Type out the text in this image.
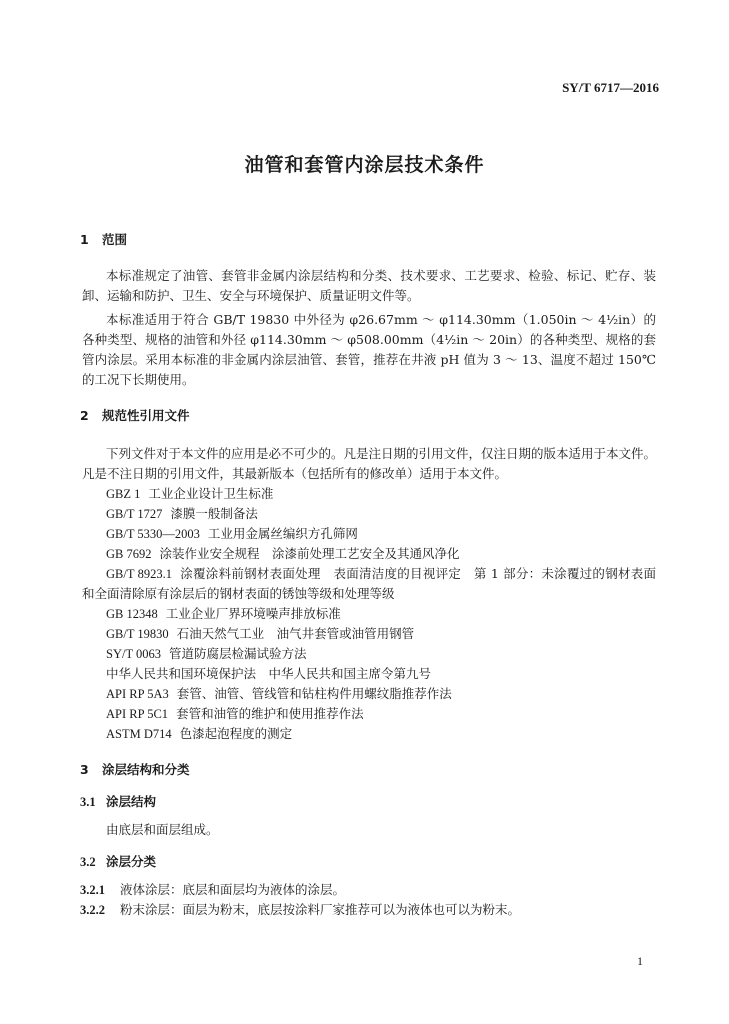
SY/T 6717—2016
油管和套管内涂层技术条件
1 范围
本标准规定了油管、套管非金属内涂层结构和分类、技术要求、工艺要求、检验、标记、贮存、装卸、运输和防护、卫生、安全与环境保护、质量证明文件等。
本标准适用于符合 GB/T 19830 中外径为 φ26.67mm ～ φ114.30mm（1.050in ～ 4½in）的各种类型、规格的油管和外径 φ114.30mm ～ φ508.00mm（4½in ～ 20in）的各种类型、规格的套管内涂层。采用本标准的非金属内涂层油管、套管，推荐在井液 pH 值为 3 ～ 13、温度不超过 150℃的工况下长期使用。
2 规范性引用文件
下列文件对于本文件的应用是必不可少的。凡是注日期的引用文件，仅注日期的版本适用于本文件。凡是不注日期的引用文件，其最新版本（包括所有的修改单）适用于本文件。
GBZ 1 工业企业设计卫生标准
GB/T 1727 漆膜一般制备法
GB/T 5330—2003 工业用金属丝编织方孔筛网
GB 7692 涂装作业安全规程　涂漆前处理工艺安全及其通风净化
GB/T 8923.1 涂覆涂料前钢材表面处理　表面清洁度的目视评定　第 1 部分：未涂覆过的钢材表面和全面清除原有涂层后的钢材表面的锈蚀等级和处理等级
GB 12348 工业企业厂界环境噪声排放标准
GB/T 19830 石油天然气工业　油气井套管或油管用钢管
SY/T 0063 管道防腐层检漏试验方法
中华人民共和国环境保护法　中华人民共和国主席令第九号
API RP 5A3 套管、油管、管线管和钻柱构件用螺纹脂推荐作法
API RP 5C1 套管和油管的维护和使用推荐作法
ASTM D714 色漆起泡程度的测定
3 涂层结构和分类
3.1 涂层结构
由底层和面层组成。
3.2 涂层分类
3.2.1 液体涂层：底层和面层均为液体的涂层。
3.2.2 粉末涂层：面层为粉末，底层按涂料厂家推荐可以为液体也可以为粉末。
1
